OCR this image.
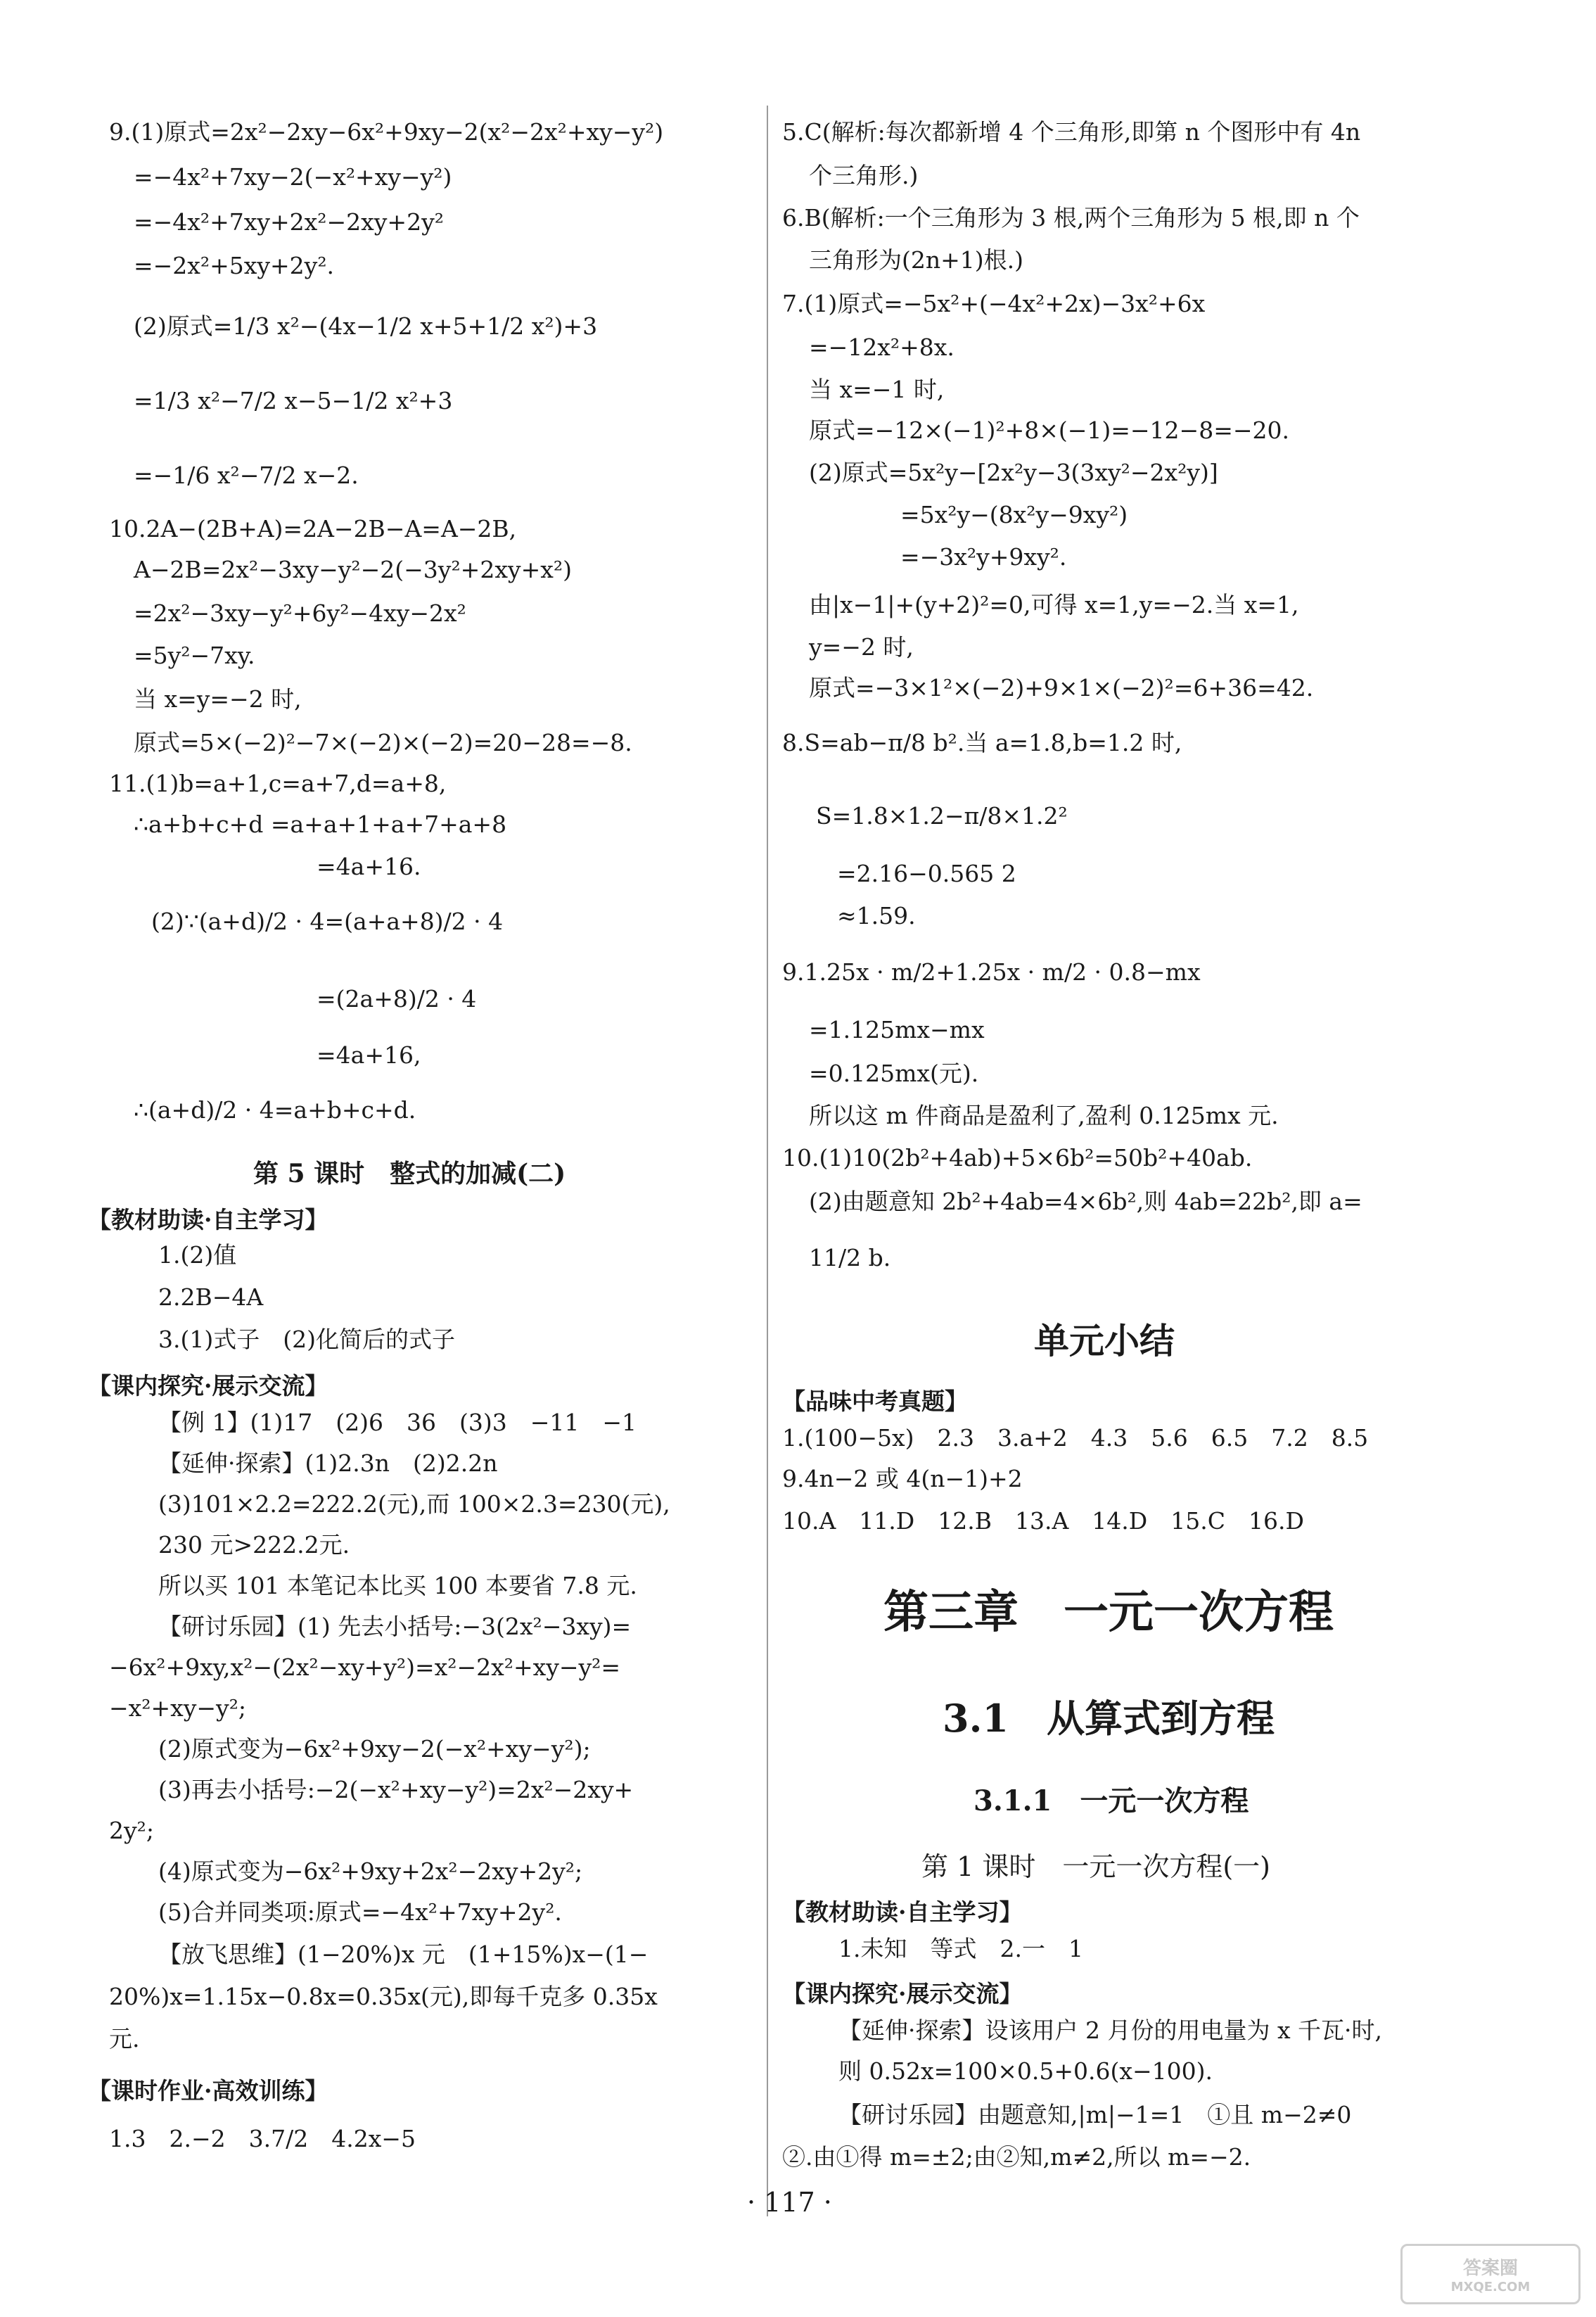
9.(1)原式=2x²−2xy−6x²+9xy−2(x²−2x²+xy−y²)
=−4x²+7xy−2(−x²+xy−y²)
=−4x²+7xy+2x²−2xy+2y²
=−2x²+5xy+2y².
(2)原式=1/3 x²−(4x−1/2 x+5+1/2 x²)+3
=1/3 x²−7/2 x−5−1/2 x²+3
=−1/6 x²−7/2 x−2.
10.2A−(2B+A)=2A−2B−A=A−2B,
A−2B=2x²−3xy−y²−2(−3y²+2xy+x²)
=2x²−3xy−y²+6y²−4xy−2x²
=5y²−7xy.
当 x=y=−2 时,
原式=5×(−2)²−7×(−2)×(−2)=20−28=−8.
11.(1)b=a+1,c=a+7,d=a+8,
∴a+b+c+d =a+a+1+a+7+a+8
=4a+16.
(2)∵(a+d)/2 · 4=(a+a+8)/2 · 4
=(2a+8)/2 · 4
=4a+16,
∴(a+d)/2 · 4=a+b+c+d.
第 5 课时　整式的加减(二)
【教材助读·自主学习】
1.(2)值
2.2B−4A
3.(1)式子　(2)化简后的式子
【课内探究·展示交流】
【例 1】(1)17　(2)6　36　(3)3　−11　−1
【延伸·探索】(1)2.3n　(2)2.2n
(3)101×2.2=222.2(元),而 100×2.3=230(元),
230 元>222.2元.
所以买 101 本笔记本比买 100 本要省 7.8 元.
【研讨乐园】(1) 先去小括号:−3(2x²−3xy)=
−6x²+9xy,x²−(2x²−xy+y²)=x²−2x²+xy−y²=
−x²+xy−y²;
(2)原式变为−6x²+9xy−2(−x²+xy−y²);
(3)再去小括号:−2(−x²+xy−y²)=2x²−2xy+
2y²;
(4)原式变为−6x²+9xy+2x²−2xy+2y²;
(5)合并同类项:原式=−4x²+7xy+2y².
【放飞思维】(1−20%)x 元　(1+15%)x−(1−
20%)x=1.15x−0.8x=0.35x(元),即每千克多 0.35x
元.
【课时作业·高效训练】
1.3　2.−2　3.7/2　4.2x−5
5.C(解析:每次都新增 4 个三角形,即第 n 个图形中有 4n
个三角形.)
6.B(解析:一个三角形为 3 根,两个三角形为 5 根,即 n 个
三角形为(2n+1)根.)
7.(1)原式=−5x²+(−4x²+2x)−3x²+6x
=−12x²+8x.
当 x=−1 时,
原式=−12×(−1)²+8×(−1)=−12−8=−20.
(2)原式=5x²y−[2x²y−3(3xy²−2x²y)]
=5x²y−(8x²y−9xy²)
=−3x²y+9xy².
由|x−1|+(y+2)²=0,可得 x=1,y=−2.当 x=1,
y=−2 时,
原式=−3×1²×(−2)+9×1×(−2)²=6+36=42.
8.S=ab−π/8 b².当 a=1.8,b=1.2 时,
S=1.8×1.2−π/8×1.2²
=2.16−0.565 2
≈1.59.
9.1.25x · m/2+1.25x · m/2 · 0.8−mx
=1.125mx−mx
=0.125mx(元).
所以这 m 件商品是盈利了,盈利 0.125mx 元.
10.(1)10(2b²+4ab)+5×6b²=50b²+40ab.
(2)由题意知 2b²+4ab=4×6b²,则 4ab=22b²,即 a=
11/2 b.
单元小结
【品味中考真题】
1.(100−5x)　2.3　3.a+2　4.3　5.6　6.5　7.2　8.5
9.4n−2 或 4(n−1)+2
10.A　11.D　12.B　13.A　14.D　15.C　16.D
第三章　一元一次方程
3.1　从算式到方程
3.1.1　一元一次方程
第 1 课时　一元一次方程(一)
【教材助读·自主学习】
1.未知　等式　2.一　1
【课内探究·展示交流】
【延伸·探索】设该用户 2 月份的用电量为 x 千瓦·时,
则 0.52x=100×0.5+0.6(x−100).
【研讨乐园】由题意知,|m|−1=1　①且 m−2≠0
②.由①得 m=±2;由②知,m≠2,所以 m=−2.
· 117 ·
答案圈
MXQE.COM
